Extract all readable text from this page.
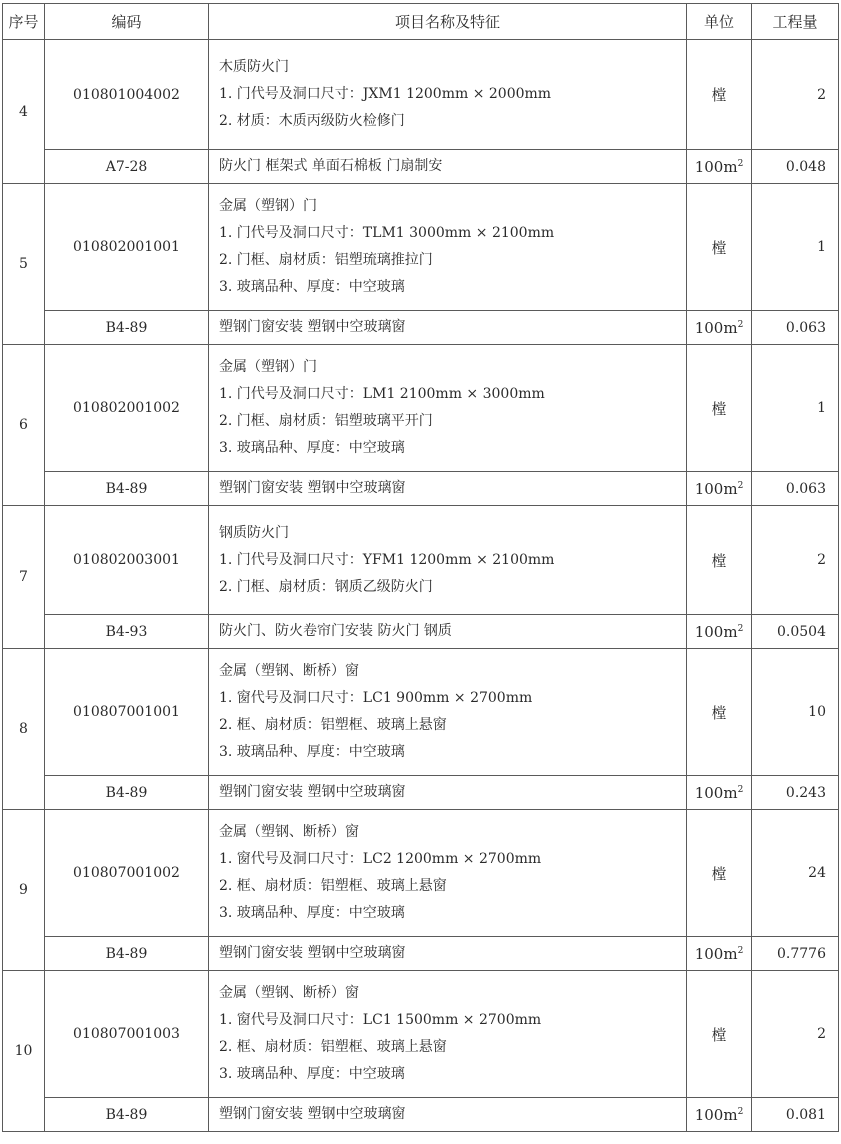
序号	编码	项目名称及特征	单位	工程量
4	010801004002	木质防火门
1. 门代号及洞口尺寸：JXM1 1200mm × 2000mm
2. 材质：木质丙级防火检修门	樘	2
	A7-28	防火门 框架式 单面石棉板 门扇制安	$100m^2$	0.048
5	010802001001	金属（塑钢）门
1. 门代号及洞口尺寸：TLM1 3000mm × 2100mm
2. 门框、扇材质：铝塑琉璃推拉门
3. 玻璃品种、厚度：中空玻璃	樘	1
	B4-89	塑钢门窗安装 塑钢中空玻璃窗	$100m^2$	0.063
6	010802001002	金属（塑钢）门
1. 门代号及洞口尺寸：LM1 2100mm × 3000mm
2. 门框、扇材质：铝塑玻璃平开门
3. 玻璃品种、厚度：中空玻璃	樘	1
	B4-89	塑钢门窗安装 塑钢中空玻璃窗	$100m^2$	0.063
7	010802003001	钢质防火门
1. 门代号及洞口尺寸：YFM1 1200mm × 2100mm
2. 门框、扇材质：钢质乙级防火门	樘	2
	B4-93	防火门、防火卷帘门安装 防火门 钢质	$100m^2$	0.0504
8	010807001001	金属（塑钢、断桥）窗
1. 窗代号及洞口尺寸：LC1 900mm × 2700mm
2. 框、扇材质：铝塑框、玻璃上悬窗
3. 玻璃品种、厚度：中空玻璃	樘	10
	B4-89	塑钢门窗安装 塑钢中空玻璃窗	$100m^2$	0.243
9	010807001002	金属（塑钢、断桥）窗
1. 窗代号及洞口尺寸：LC2 1200mm × 2700mm
2. 框、扇材质：铝塑框、玻璃上悬窗
3. 玻璃品种、厚度：中空玻璃	樘	24
	B4-89	塑钢门窗安装 塑钢中空玻璃窗	$100m^2$	0.7776
10	010807001003	金属（塑钢、断桥）窗
1. 窗代号及洞口尺寸：LC1 1500mm × 2700mm
2. 框、扇材质：铝塑框、玻璃上悬窗
3. 玻璃品种、厚度：中空玻璃	樘	2
	B4-89	塑钢门窗安装 塑钢中空玻璃窗	$100m^2$	0.081
